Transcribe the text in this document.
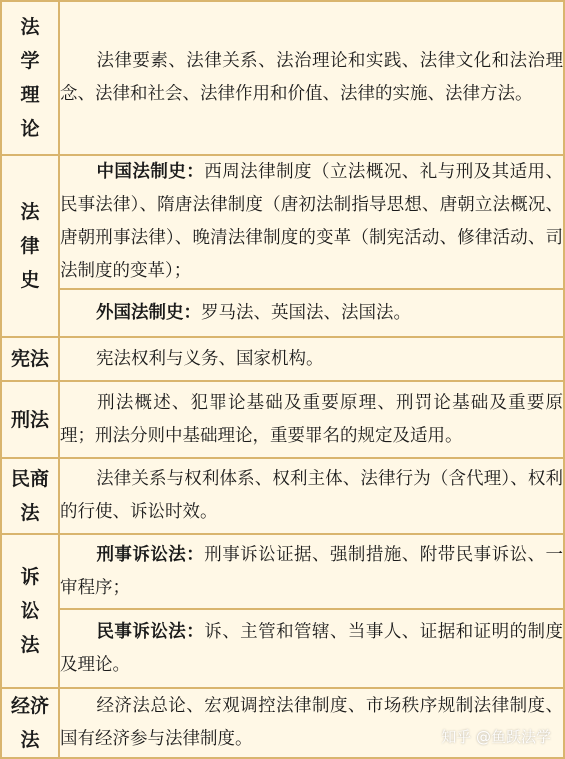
法学理论	法律要素、法律关系、法治理论和实践、法律文化和法治理念、法律和社会、法律作用和价值、法律的实施、法律方法。

法律史	中国法制史：西周法律制度（立法概况、礼与刑及其适用、民事法律）、隋唐法律制度（唐初法制指导思想、唐朝立法概况、唐朝刑事法律）、晚清法律制度的变革（制宪活动、修律活动、司法制度的变革）；
	外国法制史：罗马法、英国法、法国法。

宪法	宪法权利与义务、国家机构。

刑法	刑法概述、犯罪论基础及重要原理、刑罚论基础及重要原理；刑法分则中基础理论，重要罪名的规定及适用。

民商法	法律关系与权利体系、权利主体、法律行为（含代理）、权利的行使、诉讼时效。

诉讼法	刑事诉讼法：刑事诉讼证据、强制措施、附带民事诉讼、一审程序；
	民事诉讼法：诉、主管和管辖、当事人、证据和证明的制度及理论。

经济法	经济法总论、宏观调控法律制度、市场秩序规制法律制度、国有经济参与法律制度。	知乎 @鱼跃法学
